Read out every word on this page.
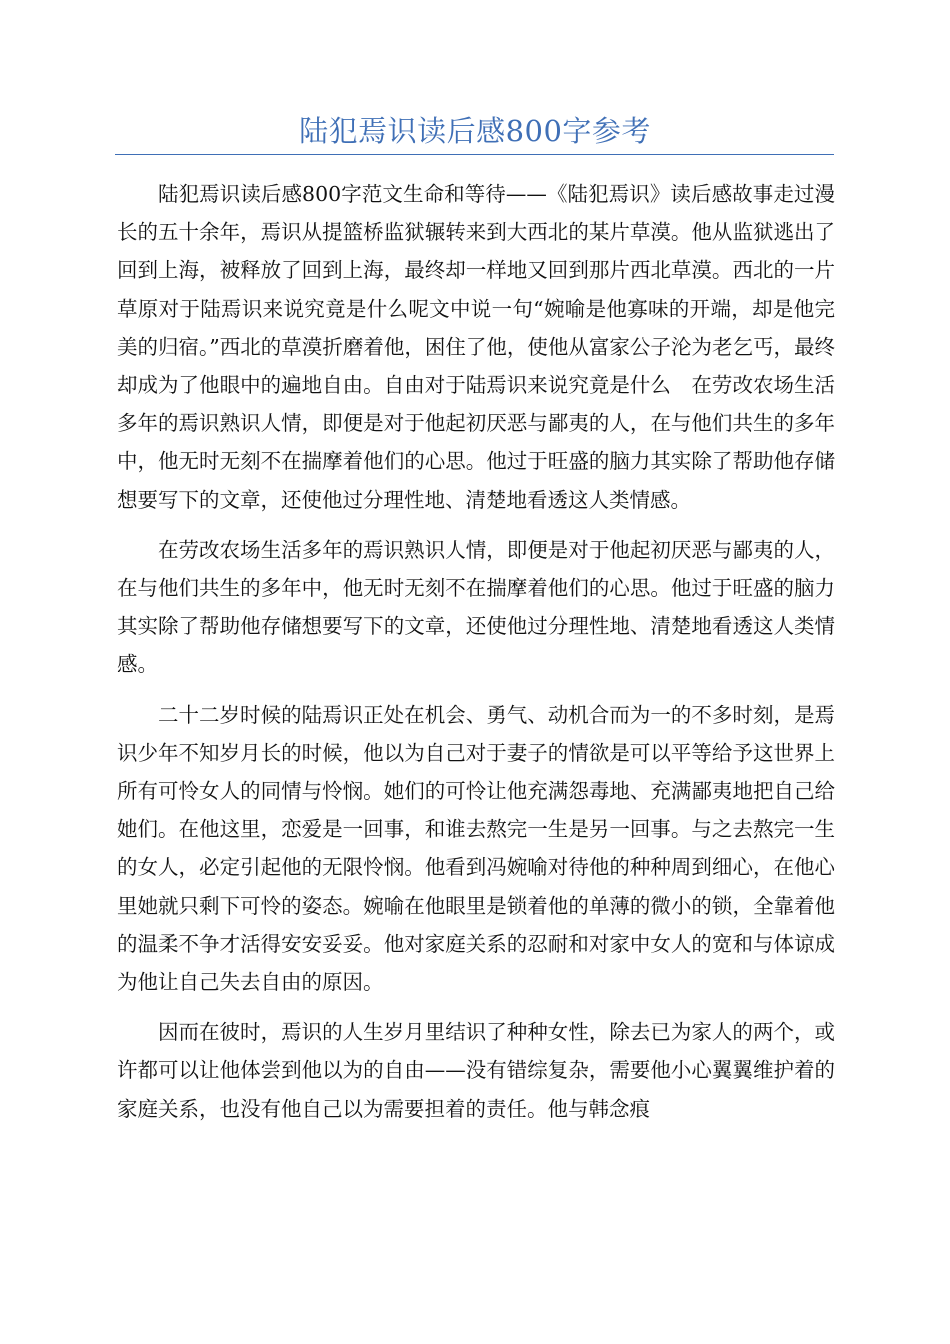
陆犯焉识读后感800字参考

陆犯焉识读后感800字范文生命和等待——《陆犯焉识》读后感故事走过漫长的五十余年，焉识从提篮桥监狱辗转来到大西北的某片草漠。他从监狱逃出了回到上海，被释放了回到上海，最终却一样地又回到那片西北草漠。西北的一片草原对于陆焉识来说究竟是什么呢文中说一句“婉喻是他寡味的开端，却是他完美的归宿。”西北的草漠折磨着他，困住了他，使他从富家公子沦为老乞丐，最终却成为了他眼中的遍地自由。自由对于陆焉识来说究竟是什么　在劳改农场生活多年的焉识熟识人情，即便是对于他起初厌恶与鄙夷的人，在与他们共生的多年中，他无时无刻不在揣摩着他们的心思。他过于旺盛的脑力其实除了帮助他存储想要写下的文章，还使他过分理性地、清楚地看透这人类情感。

在劳改农场生活多年的焉识熟识人情，即便是对于他起初厌恶与鄙夷的人，在与他们共生的多年中，他无时无刻不在揣摩着他们的心思。他过于旺盛的脑力其实除了帮助他存储想要写下的文章，还使他过分理性地、清楚地看透这人类情感。

二十二岁时候的陆焉识正处在机会、勇气、动机合而为一的不多时刻，是焉识少年不知岁月长的时候，他以为自己对于妻子的情欲是可以平等给予这世界上所有可怜女人的同情与怜悯。她们的可怜让他充满怨毒地、充满鄙夷地把自己给她们。在他这里，恋爱是一回事，和谁去熬完一生是另一回事。与之去熬完一生的女人，必定引起他的无限怜悯。他看到冯婉喻对待他的种种周到细心，在他心里她就只剩下可怜的姿态。婉喻在他眼里是锁着他的单薄的微小的锁，全靠着他的温柔不争才活得安安妥妥。他对家庭关系的忍耐和对家中女人的宽和与体谅成为他让自己失去自由的原因。

因而在彼时，焉识的人生岁月里结识了种种女性，除去已为家人的两个，或许都可以让他体尝到他以为的自由——没有错综复杂，需要他小心翼翼维护着的家庭关系，也没有他自己以为需要担着的责任。他与韩念痕
